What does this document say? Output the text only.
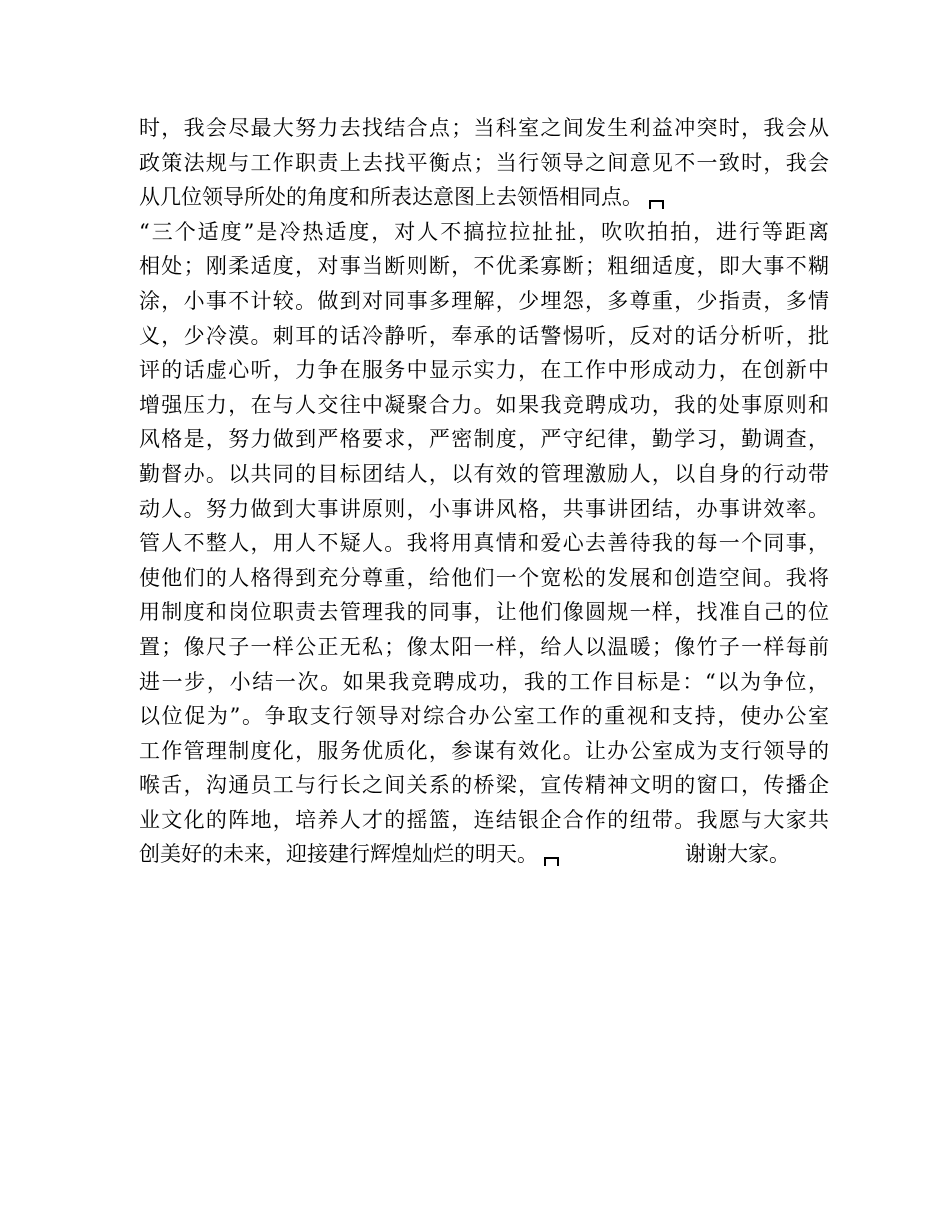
时，我会尽最大努力去找结合点；当科室之间发生利益冲突时，我会从
政策法规与工作职责上去找平衡点；当行领导之间意见不一致时，我会
从几位领导所处的角度和所表达意图上去领悟相同点。
“三个适度”是冷热适度，对人不搞拉拉扯扯，吹吹拍拍，进行等距离
相处；刚柔适度，对事当断则断，不优柔寡断；粗细适度，即大事不糊
涂，小事不计较。做到对同事多理解，少埋怨，多尊重，少指责，多情
义，少冷漠。刺耳的话冷静听，奉承的话警惕听，反对的话分析听，批
评的话虚心听，力争在服务中显示实力，在工作中形成动力，在创新中
增强压力，在与人交往中凝聚合力。如果我竞聘成功，我的处事原则和
风格是，努力做到严格要求，严密制度，严守纪律，勤学习，勤调查，
勤督办。以共同的目标团结人，以有效的管理激励人，以自身的行动带
动人。努力做到大事讲原则，小事讲风格，共事讲团结，办事讲效率。
管人不整人，用人不疑人。我将用真情和爱心去善待我的每一个同事，
使他们的人格得到充分尊重，给他们一个宽松的发展和创造空间。我将
用制度和岗位职责去管理我的同事，让他们像圆规一样，找准自己的位
置；像尺子一样公正无私；像太阳一样，给人以温暖；像竹子一样每前
进一步，小结一次。如果我竞聘成功，我的工作目标是：“以为争位，
以位促为”。争取支行领导对综合办公室工作的重视和支持，使办公室
工作管理制度化，服务优质化，参谋有效化。让办公室成为支行领导的
喉舌，沟通员工与行长之间关系的桥梁，宣传精神文明的窗口，传播企
业文化的阵地，培养人才的摇篮，连结银企合作的纽带。我愿与大家共
创美好的未来，迎接建行辉煌灿烂的明天。	谢谢大家。
